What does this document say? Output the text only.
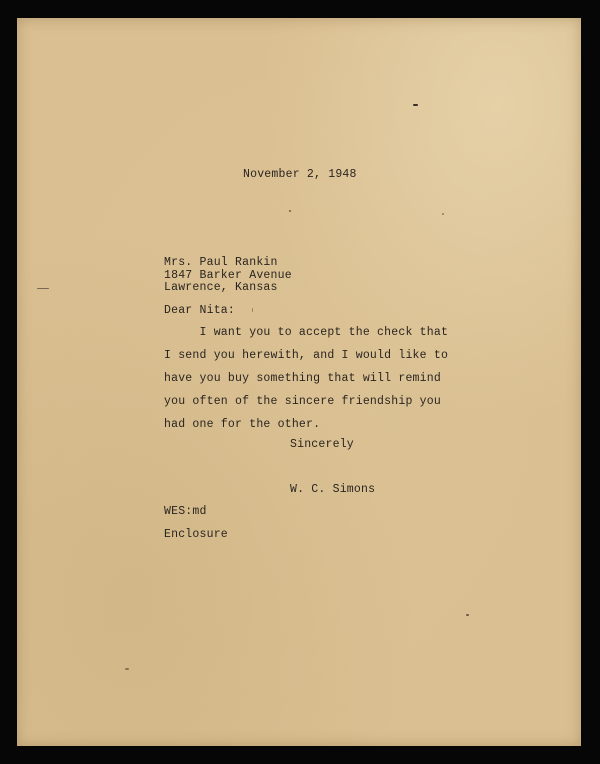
November 2, 1948
Mrs. Paul Rankin
1847 Barker Avenue
Lawrence, Kansas
Dear Nita:
I want you to accept the check that
I send you herewith, and I would like to
have you buy something that will remind
you often of the sincere friendship you
had one for the other.
Sincerely
W. C. Simons
WES:md
Enclosure
